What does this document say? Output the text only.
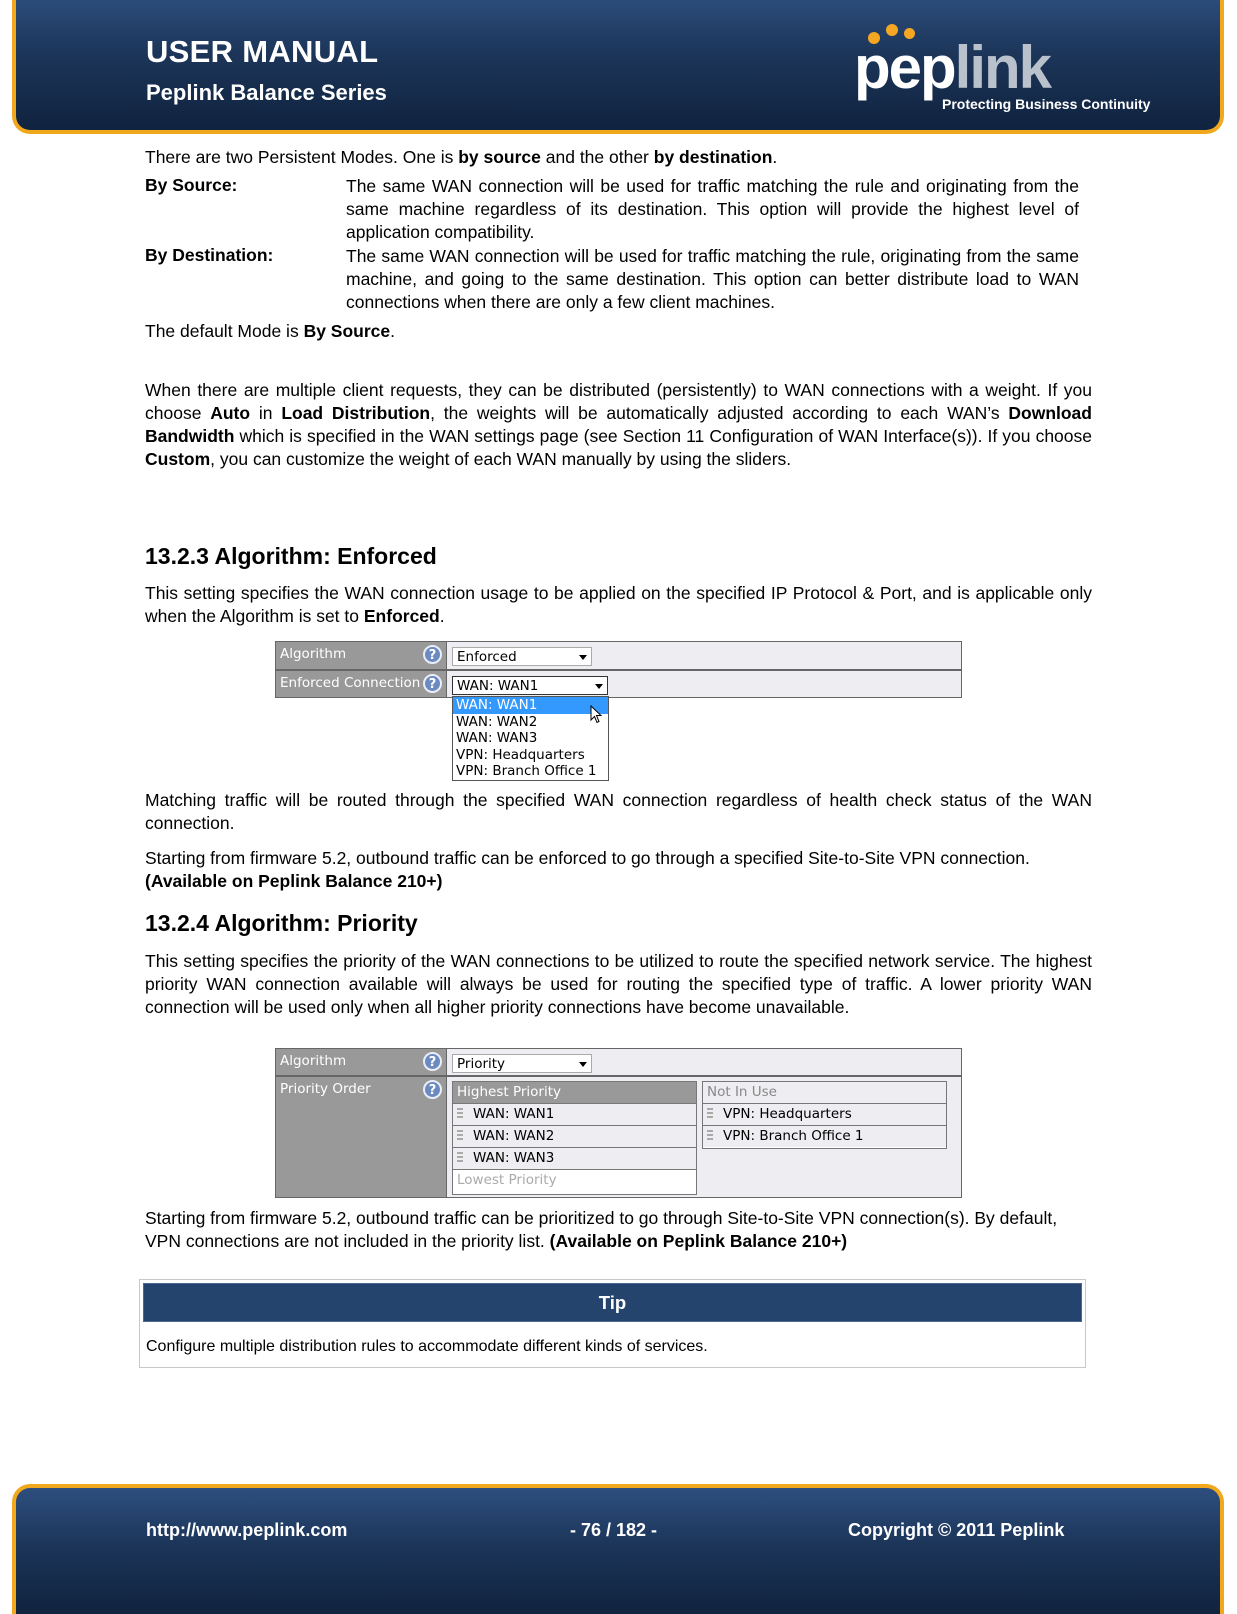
USER MANUAL
Peplink Balance Series	peplink
Protecting Business Continuity
There are two Persistent Modes. One is by source and the other by destination.
By Source:	The same WAN connection will be used for traffic matching the rule and originating from the same machine regardless of its destination. This option will provide the highest level of application compatibility.
By Destination:	The same WAN connection will be used for traffic matching the rule, originating from the same machine, and going to the same destination. This option can better distribute load to WAN connections when there are only a few client machines.
The default Mode is By Source.
When there are multiple client requests, they can be distributed (persistently) to WAN connections with a weight. If you choose Auto in Load Distribution, the weights will be automatically adjusted according to each WAN’s Download Bandwidth which is specified in the WAN settings page (see Section 11 Configuration of WAN Interface(s)). If you choose Custom, you can customize the weight of each WAN manually by using the sliders.
13.2.3 Algorithm: Enforced
This setting specifies the WAN connection usage to be applied on the specified IP Protocol & Port, and is applicable only when the Algorithm is set to Enforced.
Algorithm	?	Enforced
Enforced Connection ?	WAN: WAN1
WAN: WAN1
WAN: WAN2
WAN: WAN3
VPN: Headquarters
VPN: Branch Office 1
Matching traffic will be routed through the specified WAN connection regardless of health check status of the WAN connection.
Starting from firmware 5.2, outbound traffic can be enforced to go through a specified Site-to-Site VPN connection. (Available on Peplink Balance 210+)
13.2.4 Algorithm: Priority
This setting specifies the priority of the WAN connections to be utilized to route the specified network service. The highest priority WAN connection available will always be used for routing the specified type of traffic. A lower priority WAN connection will be used only when all higher priority connections have become unavailable.
Algorithm	?	Priority
Priority Order	?	Highest Priority
WAN: WAN1
WAN: WAN2
WAN: WAN3
Lowest Priority
Not In Use
VPN: Headquarters
VPN: Branch Office 1
Starting from firmware 5.2, outbound traffic can be prioritized to go through Site-to-Site VPN connection(s). By default, VPN connections are not included in the priority list. (Available on Peplink Balance 210+)
Tip
Configure multiple distribution rules to accommodate different kinds of services.
http://www.peplink.com	- 76 / 182 -	Copyright © 2011 Peplink
